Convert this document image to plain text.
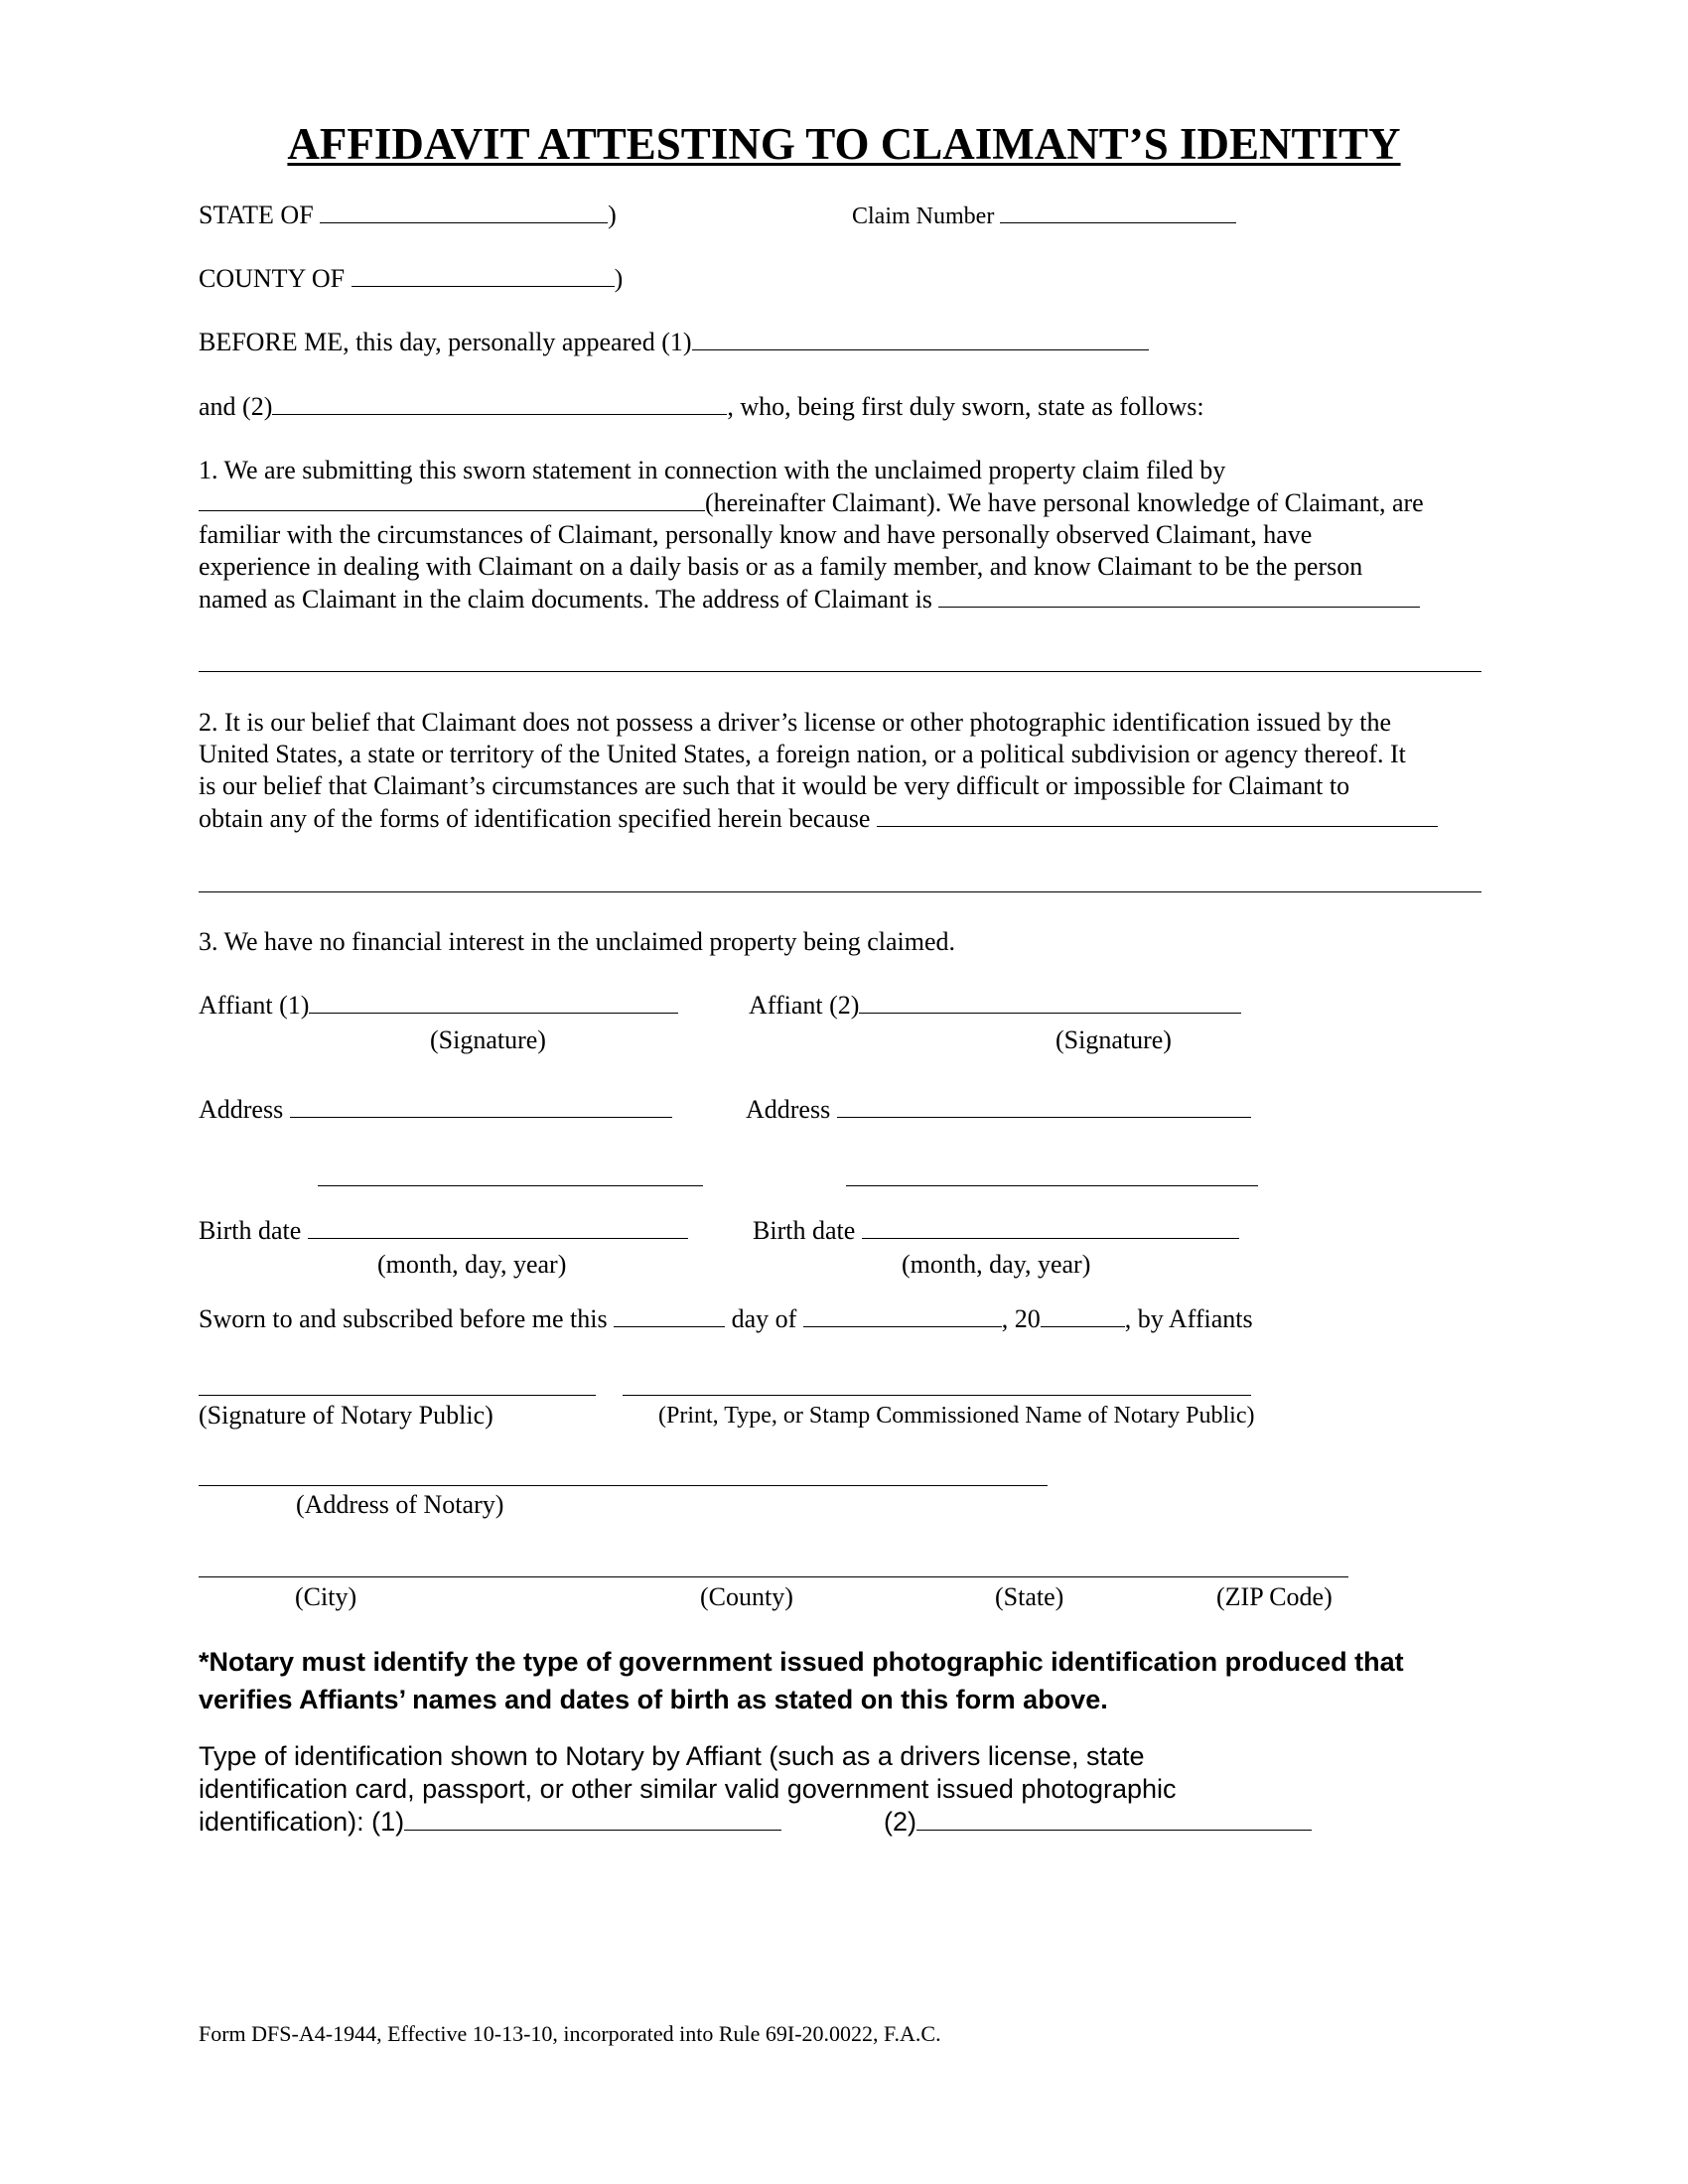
AFFIDAVIT ATTESTING TO CLAIMANT’S IDENTITY
STATE OF	)	Claim Number
COUNTY OF	)
BEFORE ME, this day, personally appeared (1)
and (2)	, who, being first duly sworn, state as follows:
1. We are submitting this sworn statement in connection with the unclaimed property claim filed by
(hereinafter Claimant). We have personal knowledge of Claimant, are
familiar with the circumstances of Claimant, personally know and have personally observed Claimant, have
experience in dealing with Claimant on a daily basis or as a family member, and know Claimant to be the person
named as Claimant in the claim documents. The address of Claimant is
2. It is our belief that Claimant does not possess a driver’s license or other photographic identification issued by the
United States, a state or territory of the United States, a foreign nation, or a political subdivision or agency thereof. It
is our belief that Claimant’s circumstances are such that it would be very difficult or impossible for Claimant to
obtain any of the forms of identification specified herein because
3. We have no financial interest in the unclaimed property being claimed.
Affiant (1)	Affiant (2)
(Signature)	(Signature)
Address	Address
Birth date	Birth date
(month, day, year)	(month, day, year)
Sworn to and subscribed before me this	day of	, 20	, by Affiants
(Signature of Notary Public)	(Print, Type, or Stamp Commissioned Name of Notary Public)
(Address of Notary)
(City)	(County)	(State)	(ZIP Code)
*Notary must identify the type of government issued photographic identification produced that
verifies Affiants’ names and dates of birth as stated on this form above.
Type of identification shown to Notary by Affiant (such as a drivers license, state
identification card, passport, or other similar valid government issued photographic
identification): (1)	(2)
Form DFS-A4-1944, Effective 10-13-10, incorporated into Rule 69I-20.0022, F.A.C.
